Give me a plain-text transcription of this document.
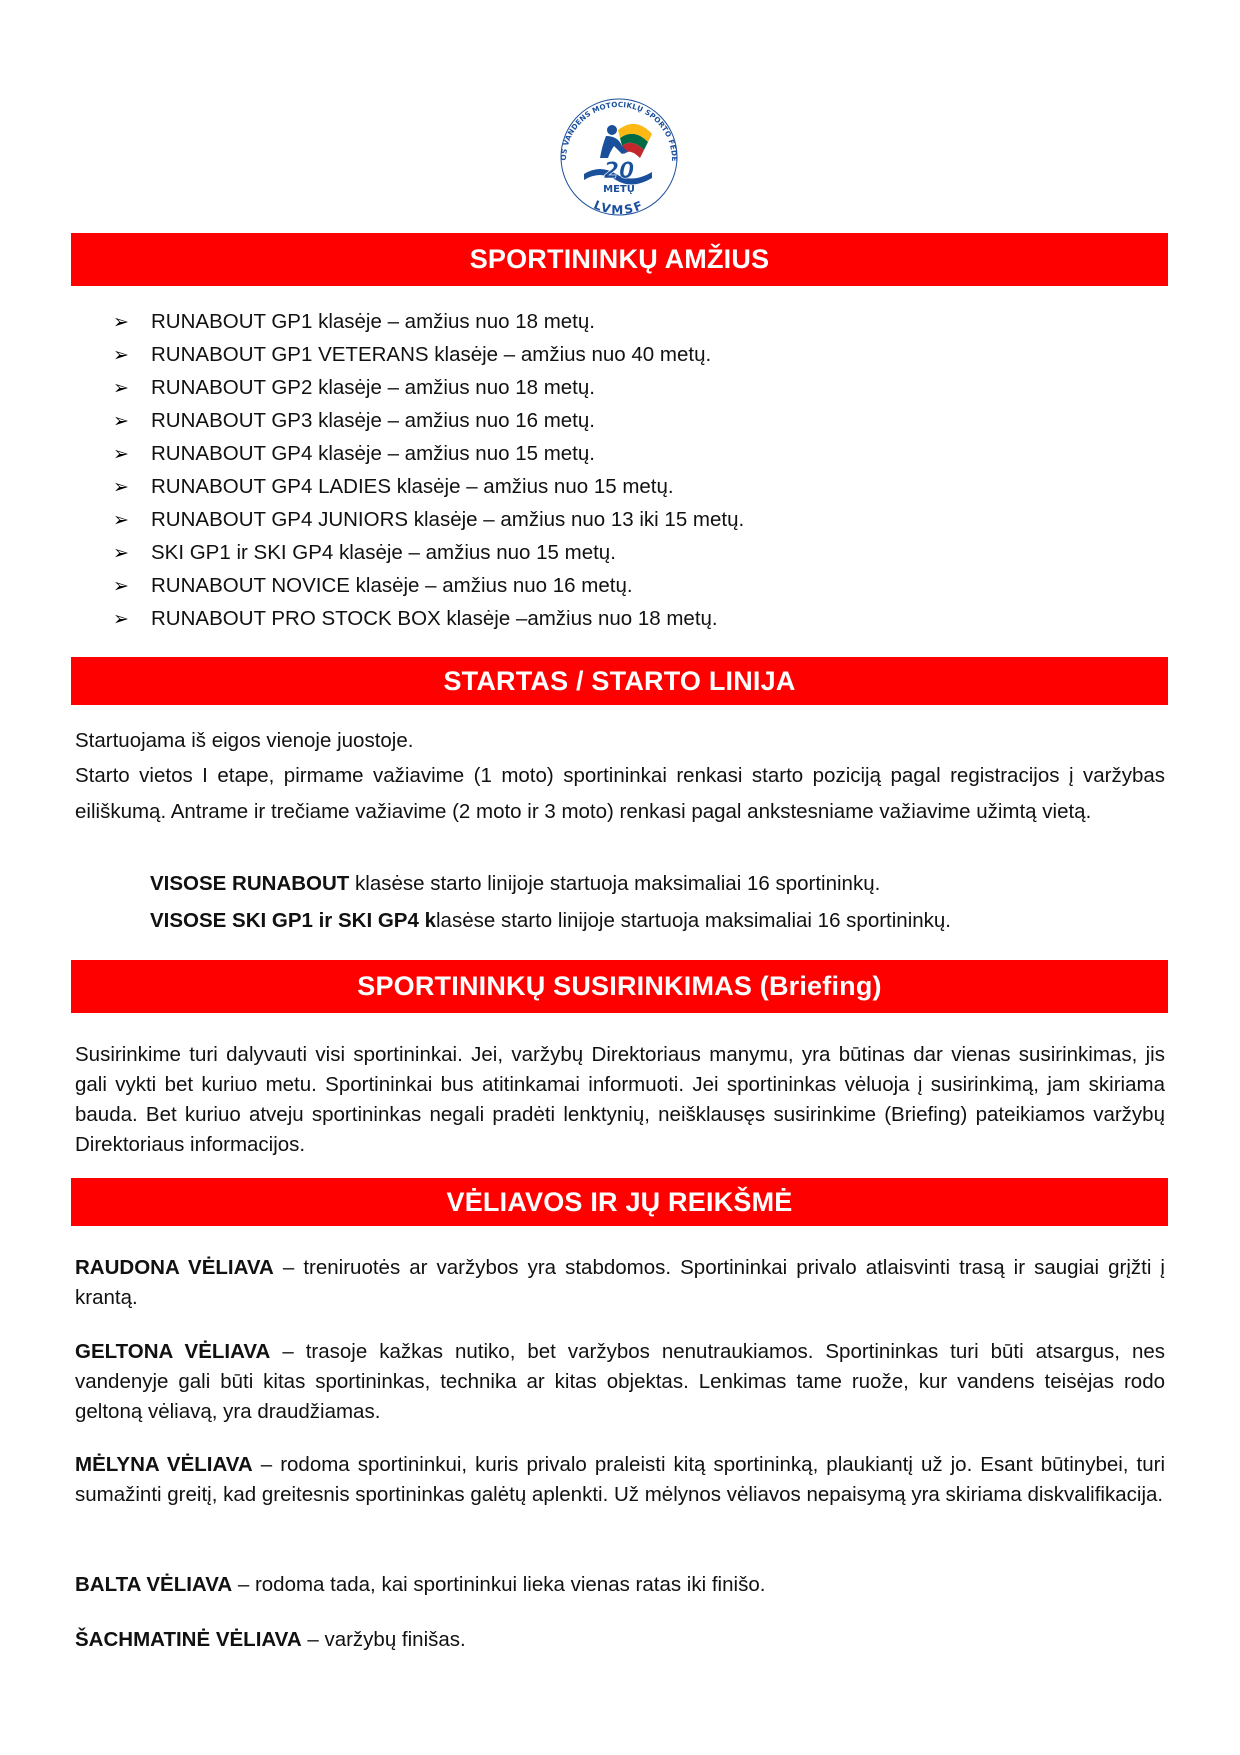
OS VANDENS MOTOCIKLŲ SPORTO FEDE
20
METŲ
LVMSF
SPORTININKŲ AMŽIUS
➢ RUNABOUT GP1 klasėje – amžius nuo 18 metų.
➢ RUNABOUT GP1 VETERANS klasėje – amžius nuo 40 metų.
➢ RUNABOUT GP2 klasėje – amžius nuo 18 metų.
➢ RUNABOUT GP3 klasėje – amžius nuo 16 metų.
➢ RUNABOUT GP4 klasėje – amžius nuo 15 metų.
➢ RUNABOUT GP4 LADIES klasėje – amžius nuo 15 metų.
➢ RUNABOUT GP4 JUNIORS klasėje – amžius nuo 13 iki 15 metų.
➢ SKI GP1 ir SKI GP4 klasėje – amžius nuo 15 metų.
➢ RUNABOUT NOVICE klasėje – amžius nuo 16 metų.
➢ RUNABOUT PRO STOCK BOX klasėje –amžius nuo 18 metų.
STARTAS / STARTO LINIJA
Startuojama iš eigos vienoje juostoje.
Starto vietos I etape, pirmame važiavime (1 moto) sportininkai renkasi starto poziciją pagal registracijos į varžybas eiliškumą. Antrame ir trečiame važiavime (2 moto ir 3 moto) renkasi pagal ankstesniame važiavime užimtą vietą.
VISOSE RUNABOUT klasėse starto linijoje startuoja maksimaliai 16 sportininkų.
VISOSE SKI GP1 ir SKI GP4 klasėse starto linijoje startuoja maksimaliai 16 sportininkų.
SPORTININKŲ SUSIRINKIMAS (Briefing)
Susirinkime turi dalyvauti visi sportininkai. Jei, varžybų Direktoriaus manymu, yra būtinas dar vienas susirinkimas, jis gali vykti bet kuriuo metu. Sportininkai bus atitinkamai informuoti. Jei sportininkas vėluoja į susirinkimą, jam skiriama bauda. Bet kuriuo atveju sportininkas negali pradėti lenktynių, neišklausęs susirinkime (Briefing) pateikiamos varžybų Direktoriaus informacijos.
VĖLIAVOS IR JŲ REIKŠMĖ
RAUDONA VĖLIAVA – treniruotės ar varžybos yra stabdomos. Sportininkai privalo atlaisvinti trasą ir saugiai grįžti į krantą.
GELTONA VĖLIAVA – trasoje kažkas nutiko, bet varžybos nenutraukiamos. Sportininkas turi būti atsargus, nes vandenyje gali būti kitas sportininkas, technika ar kitas objektas. Lenkimas tame ruože, kur vandens teisėjas rodo geltoną vėliavą, yra draudžiamas.
MĖLYNA VĖLIAVA – rodoma sportininkui, kuris privalo praleisti kitą sportininką, plaukiantį už jo. Esant būtinybei, turi sumažinti greitį, kad greitesnis sportininkas galėtų aplenkti. Už mėlynos vėliavos nepaisymą yra skiriama diskvalifikacija.
BALTA VĖLIAVA – rodoma tada, kai sportininkui lieka vienas ratas iki finišo.
ŠACHMATINĖ VĖLIAVA – varžybų finišas.
